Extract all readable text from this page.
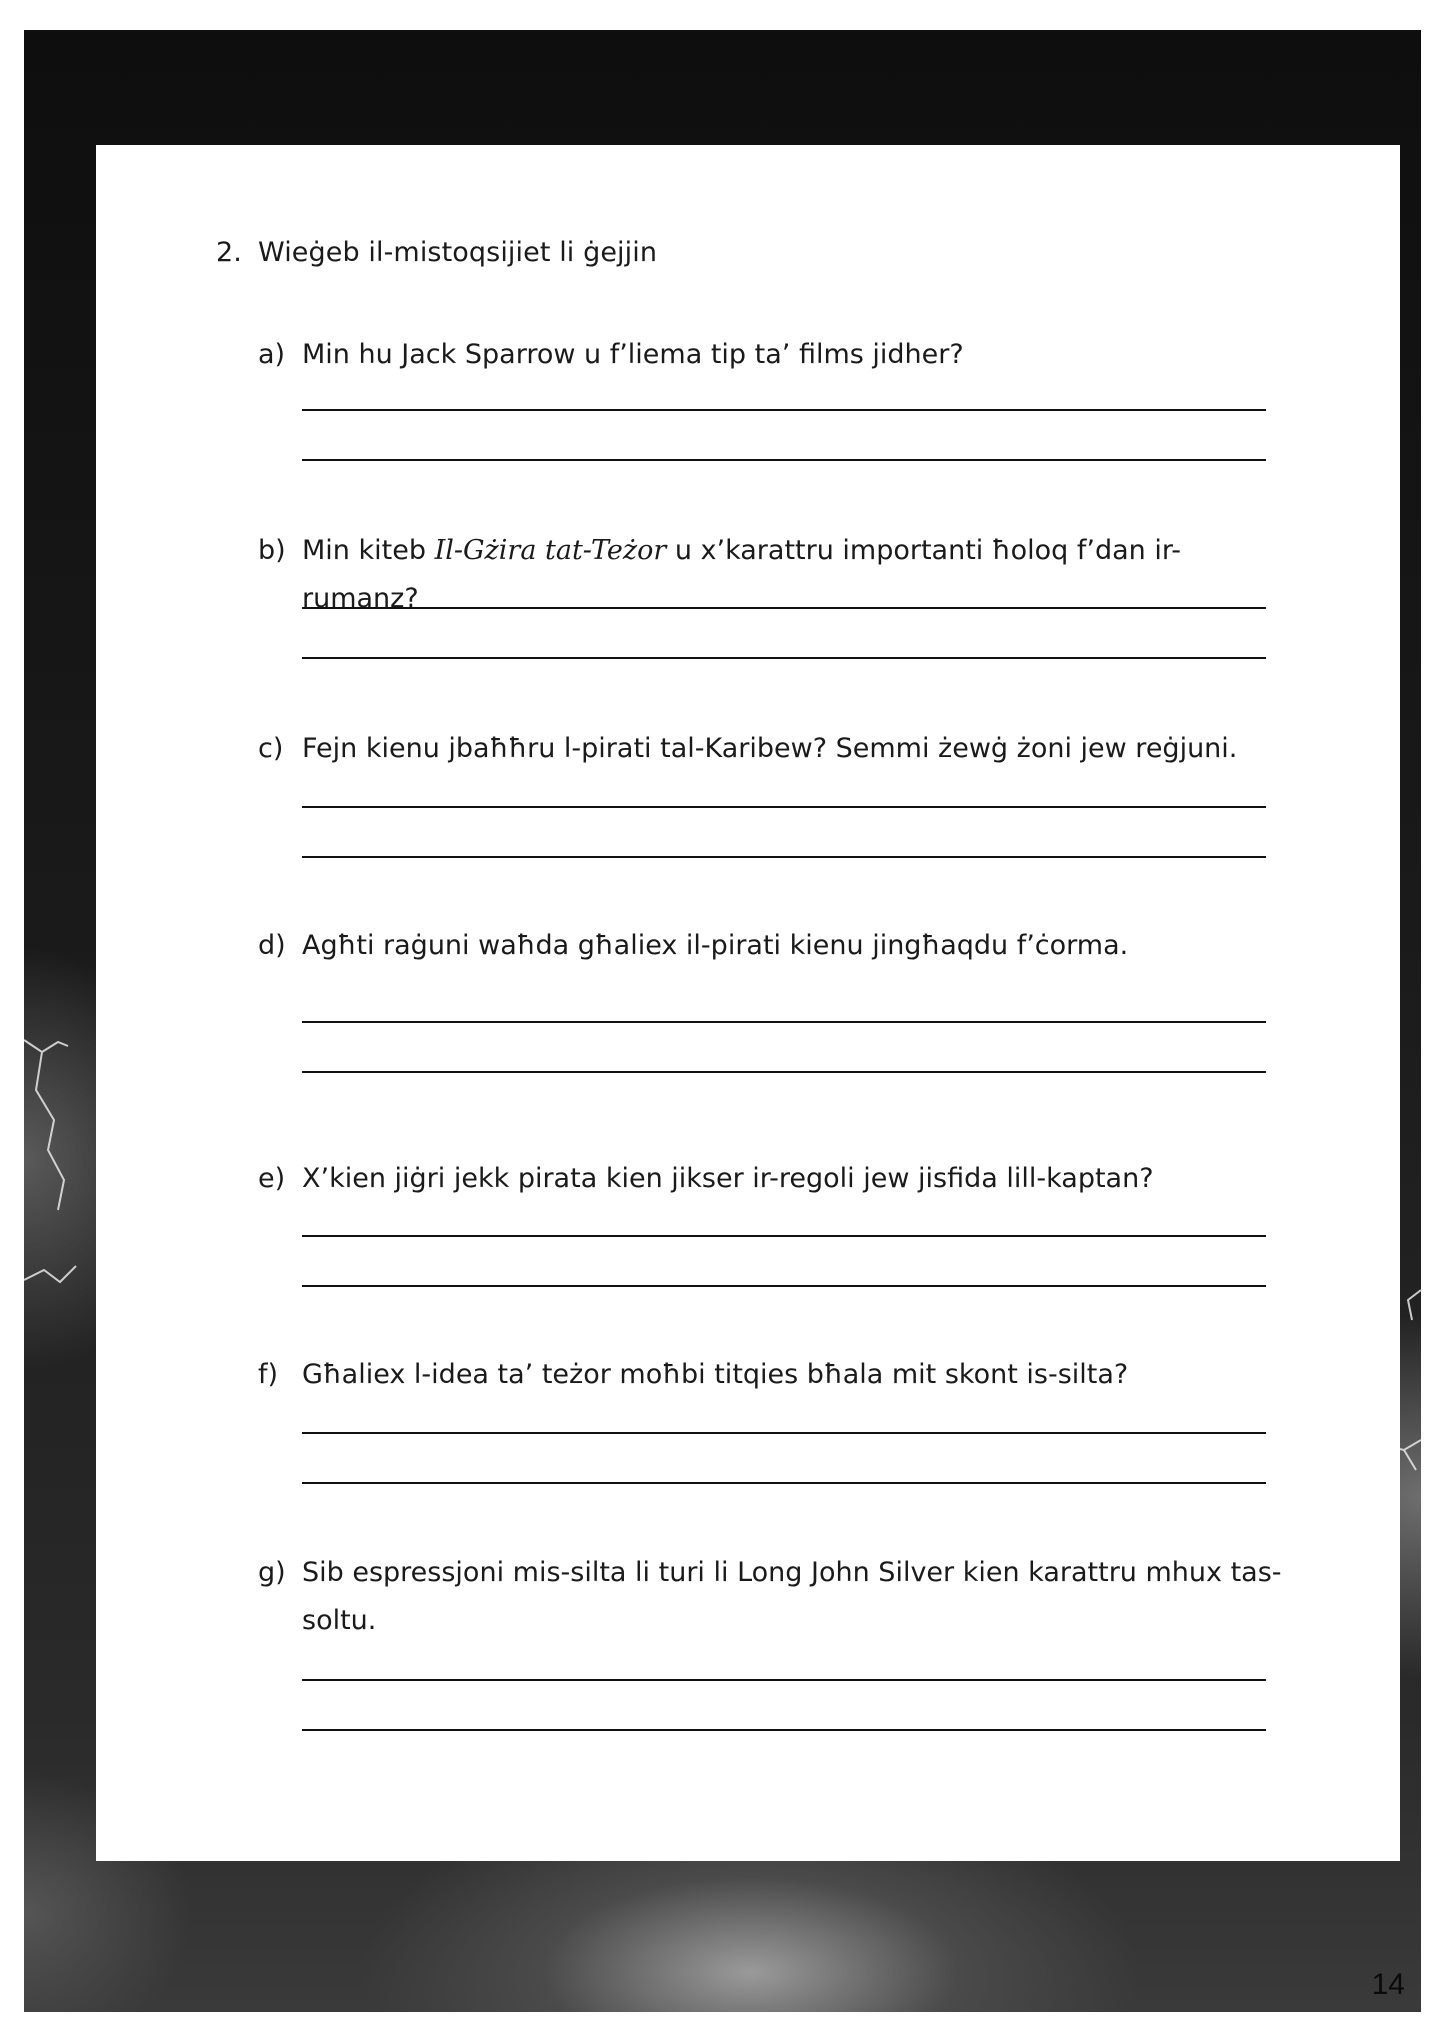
2. Wieġeb il-mistoqsijiet li ġejjin
a) Min hu Jack Sparrow u f’liema tip ta’ films jidher?
b) Min kiteb Il-Gżira tat-Teżor u x’karattru importanti ħoloq f’dan ir-rumanz?
c) Fejn kienu jbaħħru l-pirati tal-Karibew? Semmi żewġ żoni jew reġjuni.
d) Agħti raġuni waħda għaliex il-pirati kienu jingħaqdu f’ċorma.
e) X’kien jiġri jekk pirata kien jikser ir-regoli jew jisfida lill-kaptan?
f) Għaliex l-idea ta’ teżor moħbi titqies bħala mit skont is-silta?
g) Sib espressjoni mis-silta li turi li Long John Silver kien karattru mhux tas-soltu.
14
